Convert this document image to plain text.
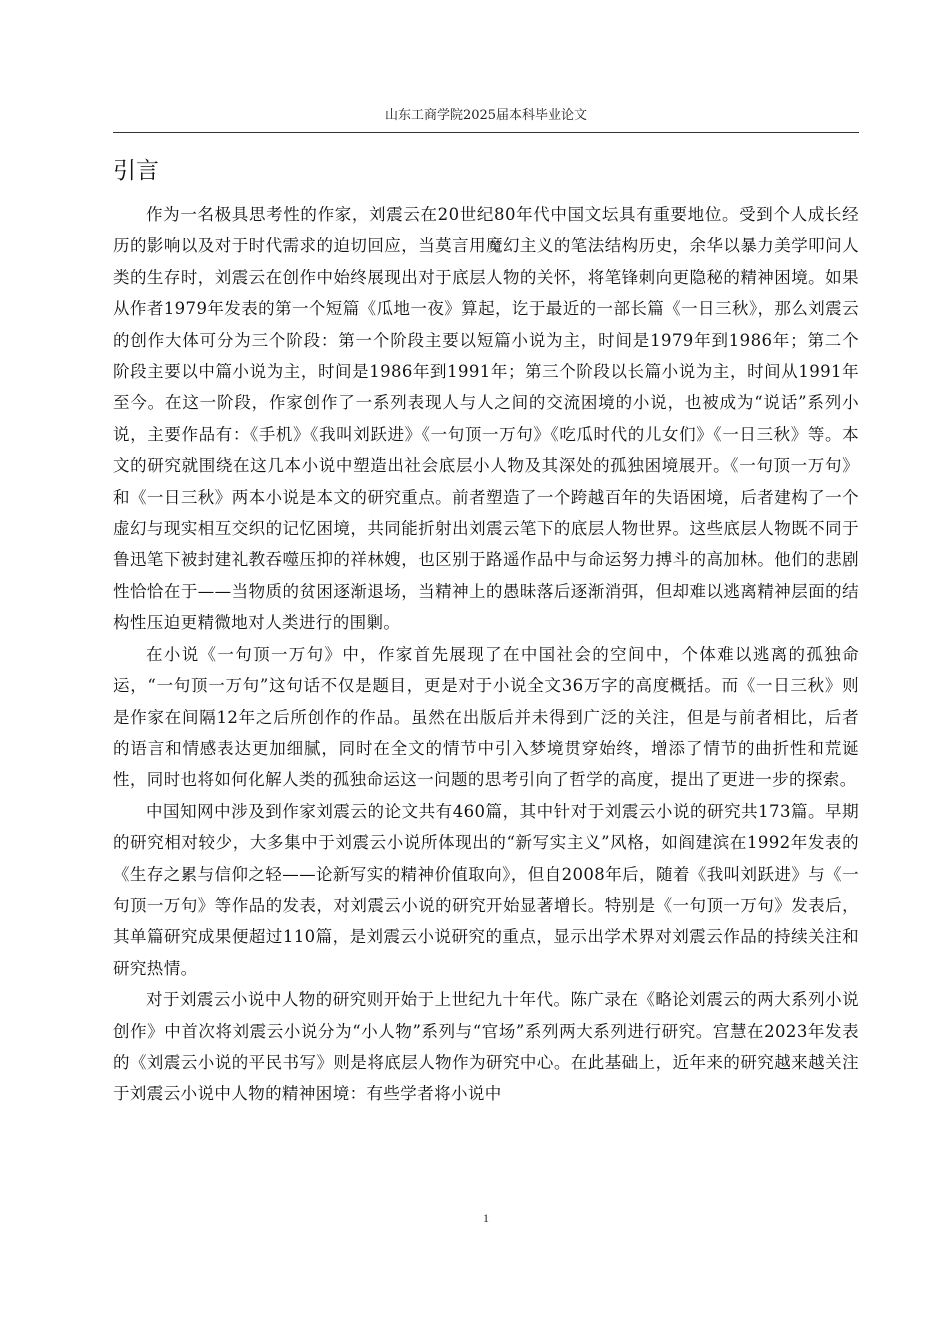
山东工商学院2025届本科毕业论文
引言

作为一名极具思考性的作家，刘震云在20世纪80年代中国文坛具有重要地位。受到个人成长经历的影响以及对于时代需求的迫切回应，当莫言用魔幻主义的笔法结构历史，余华以暴力美学叩问人类的生存时，刘震云在创作中始终展现出对于底层人物的关怀，将笔锋刺向更隐秘的精神困境。如果从作者1979年发表的第一个短篇《瓜地一夜》算起，讫于最近的一部长篇《一日三秋》，那么刘震云的创作大体可分为三个阶段：第一个阶段主要以短篇小说为主，时间是1979年到1986年；第二个阶段主要以中篇小说为主，时间是1986年到1991年；第三个阶段以长篇小说为主，时间从1991年至今。在这一阶段，作家创作了一系列表现人与人之间的交流困境的小说，也被成为“说话”系列小说，主要作品有：《手机》《我叫刘跃进》《一句顶一万句》《吃瓜时代的儿女们》《一日三秋》等。本文的研究就围绕在这几本小说中塑造出社会底层小人物及其深处的孤独困境展开。《一句顶一万句》和《一日三秋》两本小说是本文的研究重点。前者塑造了一个跨越百年的失语困境，后者建构了一个虚幻与现实相互交织的记忆困境，共同能折射出刘震云笔下的底层人物世界。这些底层人物既不同于鲁迅笔下被封建礼教吞噬压抑的祥林嫂，也区别于路遥作品中与命运努力搏斗的高加林。他们的悲剧性恰恰在于——当物质的贫困逐渐退场，当精神上的愚昧落后逐渐消弭，但却难以逃离精神层面的结构性压迫更精微地对人类进行的围剿。

在小说《一句顶一万句》中，作家首先展现了在中国社会的空间中，个体难以逃离的孤独命运，“一句顶一万句”这句话不仅是题目，更是对于小说全文36万字的高度概括。而《一日三秋》则是作家在间隔12年之后所创作的作品。虽然在出版后并未得到广泛的关注，但是与前者相比，后者的语言和情感表达更加细腻，同时在全文的情节中引入梦境贯穿始终，增添了情节的曲折性和荒诞性，同时也将如何化解人类的孤独命运这一问题的思考引向了哲学的高度，提出了更进一步的探索。

中国知网中涉及到作家刘震云的论文共有460篇，其中针对于刘震云小说的研究共173篇。早期的研究相对较少，大多集中于刘震云小说所体现出的“新写实主义”风格，如阎建滨在1992年发表的《生存之累与信仰之轻——论新写实的精神价值取向》，但自2008年后，随着《我叫刘跃进》与《一句顶一万句》等作品的发表，对刘震云小说的研究开始显著增长。特别是《一句顶一万句》发表后，其单篇研究成果便超过110篇，是刘震云小说研究的重点，显示出学术界对刘震云作品的持续关注和研究热情。

对于刘震云小说中人物的研究则开始于上世纪九十年代。陈广录在《略论刘震云的两大系列小说创作》中首次将刘震云小说分为“小人物”系列与“官场”系列两大系列进行研究。宫慧在2023年发表的《刘震云小说的平民书写》则是将底层人物作为研究中心。在此基础上，近年来的研究越来越关注于刘震云小说中人物的精神困境：有些学者将小说中

1
